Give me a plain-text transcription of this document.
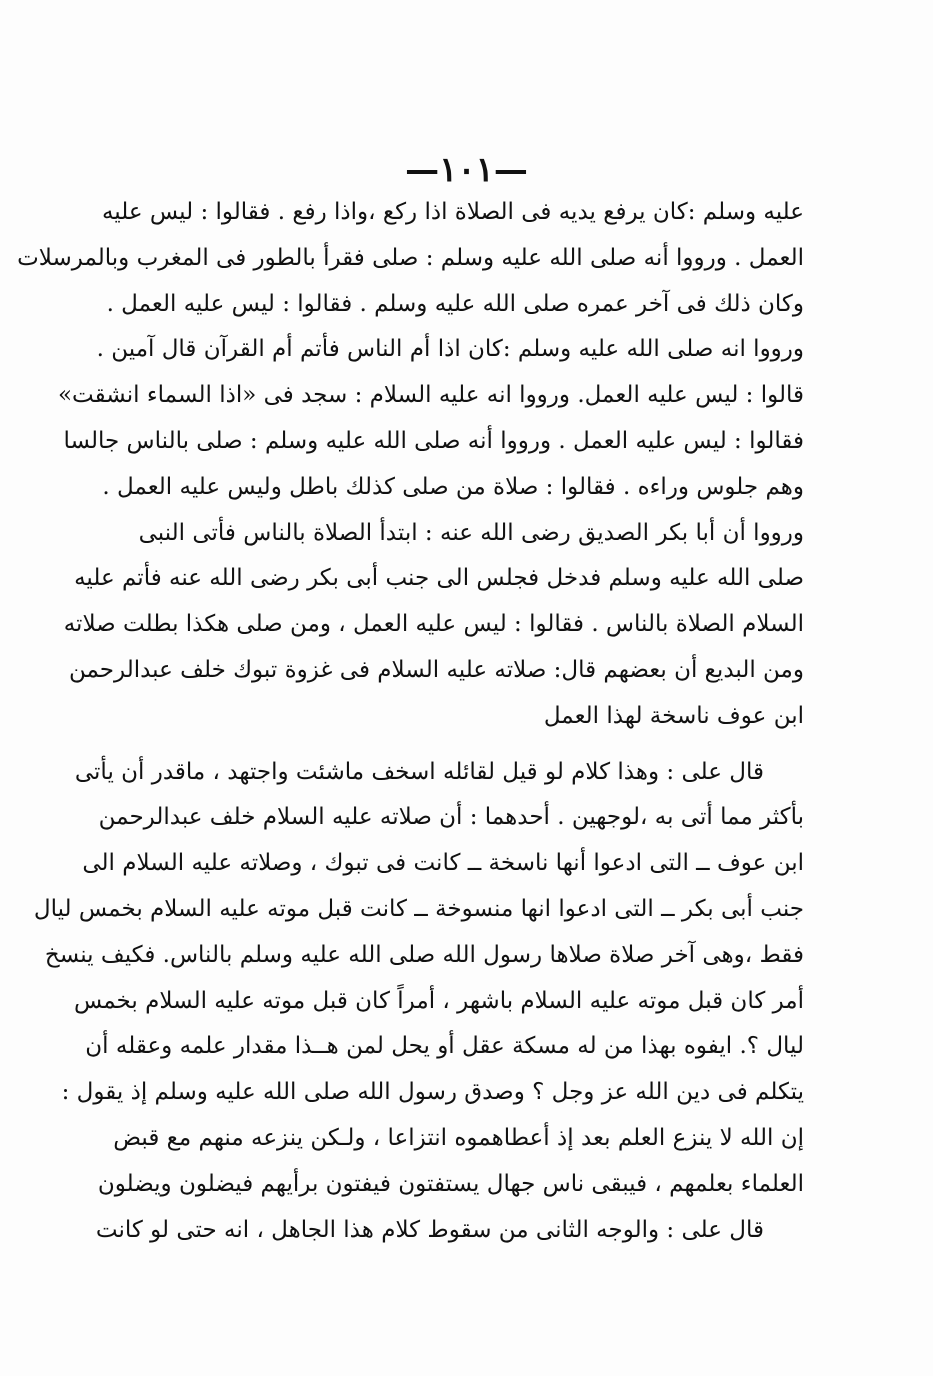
—١٠١—
عليه وسلم :كان يرفع يديه فى الصلاة اذا ركع ،واذا رفع . فقالوا : ليس عليه
العمل . ورووا أنه صلى الله عليه وسلم : صلى فقرأ بالطور فى المغرب وبالمرسلات
وكان ذلك فى آخر عمره صلى الله عليه وسلم . فقالوا : ليس عليه العمل .
ورووا انه صلى الله عليه وسلم :كان اذا أم الناس فأتم أم القرآن قال آمين .
قالوا : ليس عليه العمل. ورووا انه عليه السلام : سجد فى «اذا السماء انشقت»
فقالوا : ليس عليه العمل . ورووا أنه صلى الله عليه وسلم : صلى بالناس جالسا
وهم جلوس وراءه . فقالوا : صلاة من صلى كذلك باطل وليس عليه العمل .
ورووا أن أبا بكر الصديق رضى الله عنه : ابتدأ الصلاة بالناس فأتى النبى
صلى الله عليه وسلم فدخل فجلس الى جنب أبى بكر رضى الله عنه فأتم عليه
السلام الصلاة بالناس . فقالوا : ليس عليه العمل ، ومن صلى هكذا بطلت صلاته
ومن البديع أن بعضهم قال: صلاته عليه السلام فى غزوة تبوك خلف عبدالرحمن
ابن عوف ناسخة لهذا العمل
قال على : وهذا كلام لو قيل لقائله اسخف ماشئت واجتهد ، ماقدر أن يأتى
بأكثر مما أتى به ،لوجهين . أحدهما : أن صلاته عليه السلام خلف عبدالرحمن
ابن عوف ــ التى ادعوا أنها ناسخة ــ كانت فى تبوك ، وصلاته عليه السلام الى
جنب أبى بكر ــ التى ادعوا انها منسوخة ــ كانت قبل موته عليه السلام بخمس ليال
فقط ،وهى آخر صلاة صلاها رسول الله صلى الله عليه وسلم بالناس. فكيف ينسخ
أمر كان قبل موته عليه السلام باشهر ، أمراً كان قبل موته عليه السلام بخمس
ليال ؟. ايفوه بهذا من له مسكة عقل أو يحل لمن هــذا مقدار علمه وعقله أن
يتكلم فى دين الله عز وجل ؟ وصدق رسول الله صلى الله عليه وسلم إذ يقول :
إن الله لا ينزع العلم بعد إذ أعطاهموه انتزاعا ، ولـكن ينزعه منهم مع قبض
العلماء بعلمهم ، فيبقى ناس جهال يستفتون فيفتون برأيهم فيضلون ويضلون
قال على : والوجه الثانى من سقوط كلام هذا الجاهل ، انه حتى لو كانت
